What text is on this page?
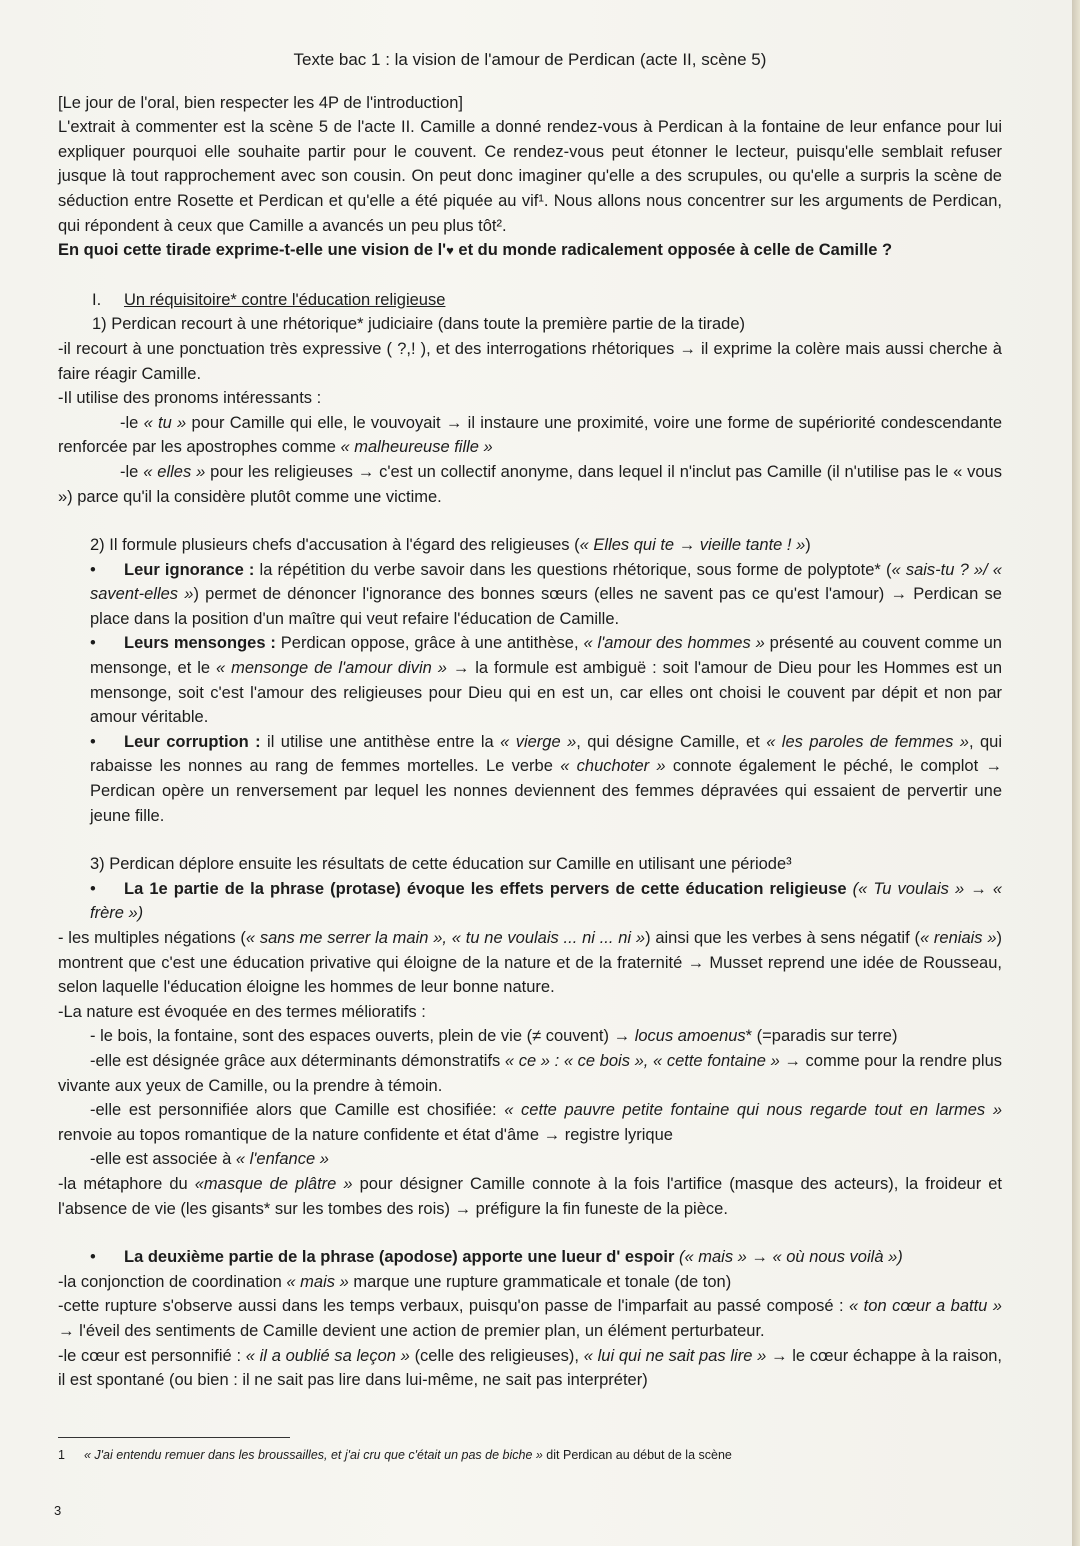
Texte bac 1 : la vision de l'amour de Perdican (acte II, scène 5)

[Le jour de l'oral, bien respecter les 4P de l'introduction]

L'extrait à commenter est la scène 5 de l'acte II. Camille a donné rendez-vous à Perdican à la fontaine de leur enfance pour lui expliquer pourquoi elle souhaite partir pour le couvent. Ce rendez-vous peut étonner le lecteur, puisqu'elle semblait refuser jusque là tout rapprochement avec son cousin. On peut donc imaginer qu'elle a des scrupules, ou qu'elle a surpris la scène de séduction entre Rosette et Perdican et qu'elle a été piquée au vif¹. Nous allons nous concentrer sur les arguments de Perdican, qui répondent à ceux que Camille a avancés un peu plus tôt².

En quoi cette tirade exprime-t-elle une vision de l'♥ et du monde radicalement opposée à celle de Camille ?

I. Un réquisitoire* contre l'éducation religieuse

1) Perdican recourt à une rhétorique* judiciaire (dans toute la première partie de la tirade)

-il recourt à une ponctuation très expressive ( ?,! ), et des interrogations rhétoriques → il exprime la colère mais aussi cherche à faire réagir Camille.

-Il utilise des pronoms intéressants :

-le « tu » pour Camille qui elle, le vouvoyait → il instaure une proximité, voire une forme de supériorité condescendante renforcée par les apostrophes comme « malheureuse fille »

-le « elles » pour les religieuses → c'est un collectif anonyme, dans lequel il n'inclut pas Camille (il n'utilise pas le « vous ») parce qu'il la considère plutôt comme une victime.

2) Il formule plusieurs chefs d'accusation à l'égard des religieuses (« Elles qui te → vieille tante ! »)

• Leur ignorance : la répétition du verbe savoir dans les questions rhétorique, sous forme de polyptote* (« sais-tu ? »/ « savent-elles ») permet de dénoncer l'ignorance des bonnes sœurs (elles ne savent pas ce qu'est l'amour) → Perdican se place dans la position d'un maître qui veut refaire l'éducation de Camille.

• Leurs mensonges : Perdican oppose, grâce à une antithèse, « l'amour des hommes » présenté au couvent comme un mensonge, et le « mensonge de l'amour divin » → la formule est ambiguë : soit l'amour de Dieu pour les Hommes est un mensonge, soit c'est l'amour des religieuses pour Dieu qui en est un, car elles ont choisi le couvent par dépit et non par amour véritable.

• Leur corruption : il utilise une antithèse entre la « vierge », qui désigne Camille, et « les paroles de femmes », qui rabaisse les nonnes au rang de femmes mortelles. Le verbe « chuchoter » connote également le péché, le complot → Perdican opère un renversement par lequel les nonnes deviennent des femmes dépravées qui essaient de pervertir une jeune fille.

3) Perdican déplore ensuite les résultats de cette éducation sur Camille en utilisant une période³

• La 1e partie de la phrase (protase) évoque les effets pervers de cette éducation religieuse (« Tu voulais » → « frère »)

- les multiples négations (« sans me serrer la main », « tu ne voulais ... ni ... ni ») ainsi que les verbes à sens négatif (« reniais ») montrent que c'est une éducation privative qui éloigne de la nature et de la fraternité → Musset reprend une idée de Rousseau, selon laquelle l'éducation éloigne les hommes de leur bonne nature.

-La nature est évoquée en des termes mélioratifs :

- le bois, la fontaine, sont des espaces ouverts, plein de vie (≠ couvent) → locus amoenus* (=paradis sur terre)

-elle est désignée grâce aux déterminants démonstratifs « ce » : « ce bois », « cette fontaine » → comme pour la rendre plus vivante aux yeux de Camille, ou la prendre à témoin.

-elle est personnifiée alors que Camille est chosifiée: « cette pauvre petite fontaine qui nous regarde tout en larmes » renvoie au topos romantique de la nature confidente et état d'âme → registre lyrique

-elle est associée à « l'enfance »

-la métaphore du «masque de plâtre » pour désigner Camille connote à la fois l'artifice (masque des acteurs), la froideur et l'absence de vie (les gisants* sur les tombes des rois) → préfigure la fin funeste de la pièce.

• La deuxième partie de la phrase (apodose) apporte une lueur d' espoir (« mais » → « où nous voilà »)

-la conjonction de coordination « mais » marque une rupture grammaticale et tonale (de ton)

-cette rupture s'observe aussi dans les temps verbaux, puisqu'on passe de l'imparfait au passé composé : « ton cœur a battu » → l'éveil des sentiments de Camille devient une action de premier plan, un élément perturbateur.

-le cœur est personnifié : « il a oublié sa leçon » (celle des religieuses), « lui qui ne sait pas lire » → le cœur échappe à la raison, il est spontané (ou bien : il ne sait pas lire dans lui-même, ne sait pas interpréter)

1 « J'ai entendu remuer dans les broussailles, et j'ai cru que c'était un pas de biche » dit Perdican au début de la scène

3
